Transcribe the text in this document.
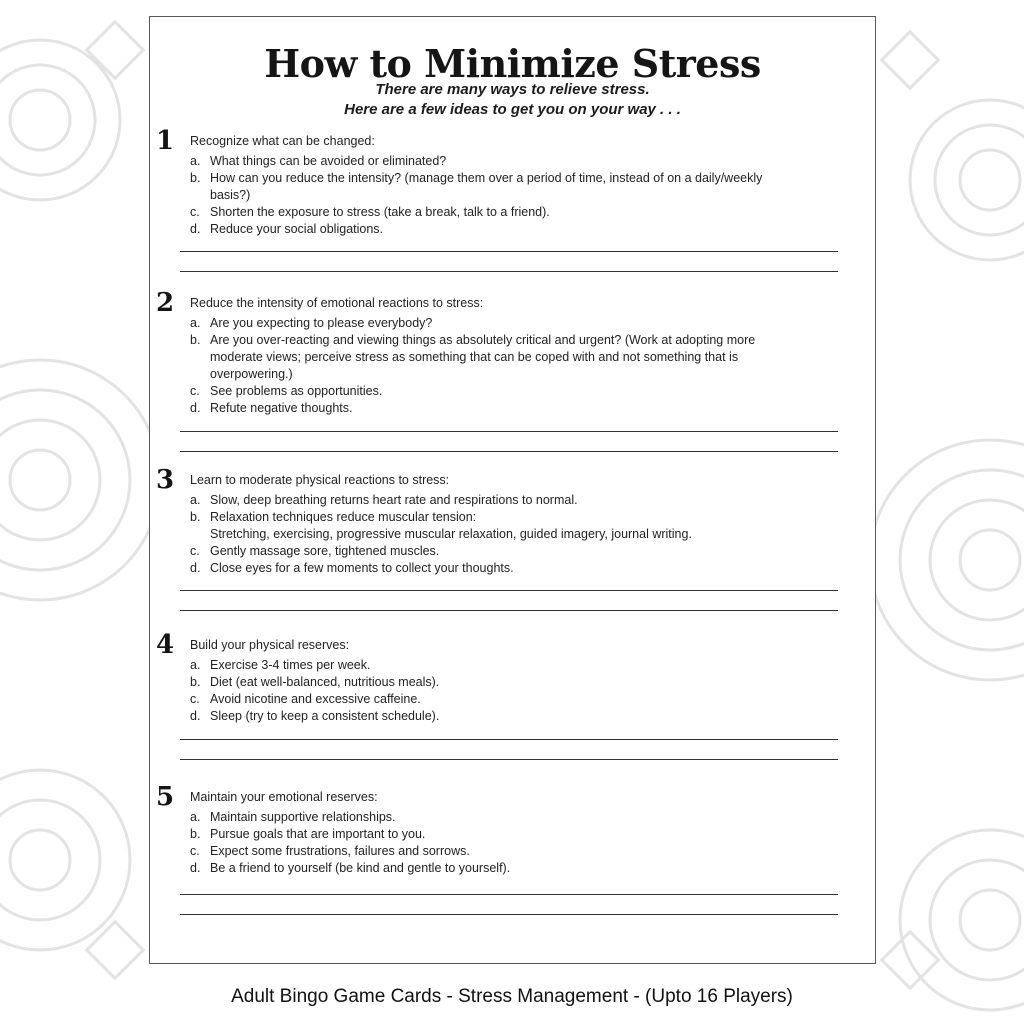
How to Minimize Stress
There are many ways to relieve stress.
Here are a few ideas to get you on your way . . .
1 Recognize what can be changed:
a. What things can be avoided or eliminated?
b. How can you reduce the intensity? (manage them over a period of time, instead of on a daily/weekly basis?)
c. Shorten the exposure to stress (take a break, talk to a friend).
d. Reduce your social obligations.
2 Reduce the intensity of emotional reactions to stress:
a. Are you expecting to please everybody?
b. Are you over-reacting and viewing things as absolutely critical and urgent? (Work at adopting more moderate views; perceive stress as something that can be coped with and not something that is overpowering.)
c. See problems as opportunities.
d. Refute negative thoughts.
3 Learn to moderate physical reactions to stress:
a. Slow, deep breathing returns heart rate and respirations to normal.
b. Relaxation techniques reduce muscular tension:
Stretching, exercising, progressive muscular relaxation, guided imagery, journal writing.
c. Gently massage sore, tightened muscles.
d. Close eyes for a few moments to collect your thoughts.
4 Build your physical reserves:
a. Exercise 3-4 times per week.
b. Diet (eat well-balanced, nutritious meals).
c. Avoid nicotine and excessive caffeine.
d. Sleep (try to keep a consistent schedule).
5 Maintain your emotional reserves:
a. Maintain supportive relationships.
b. Pursue goals that are important to you.
c. Expect some frustrations, failures and sorrows.
d. Be a friend to yourself (be kind and gentle to yourself).
Adult Bingo Game Cards - Stress Management - (Upto 16 Players)
